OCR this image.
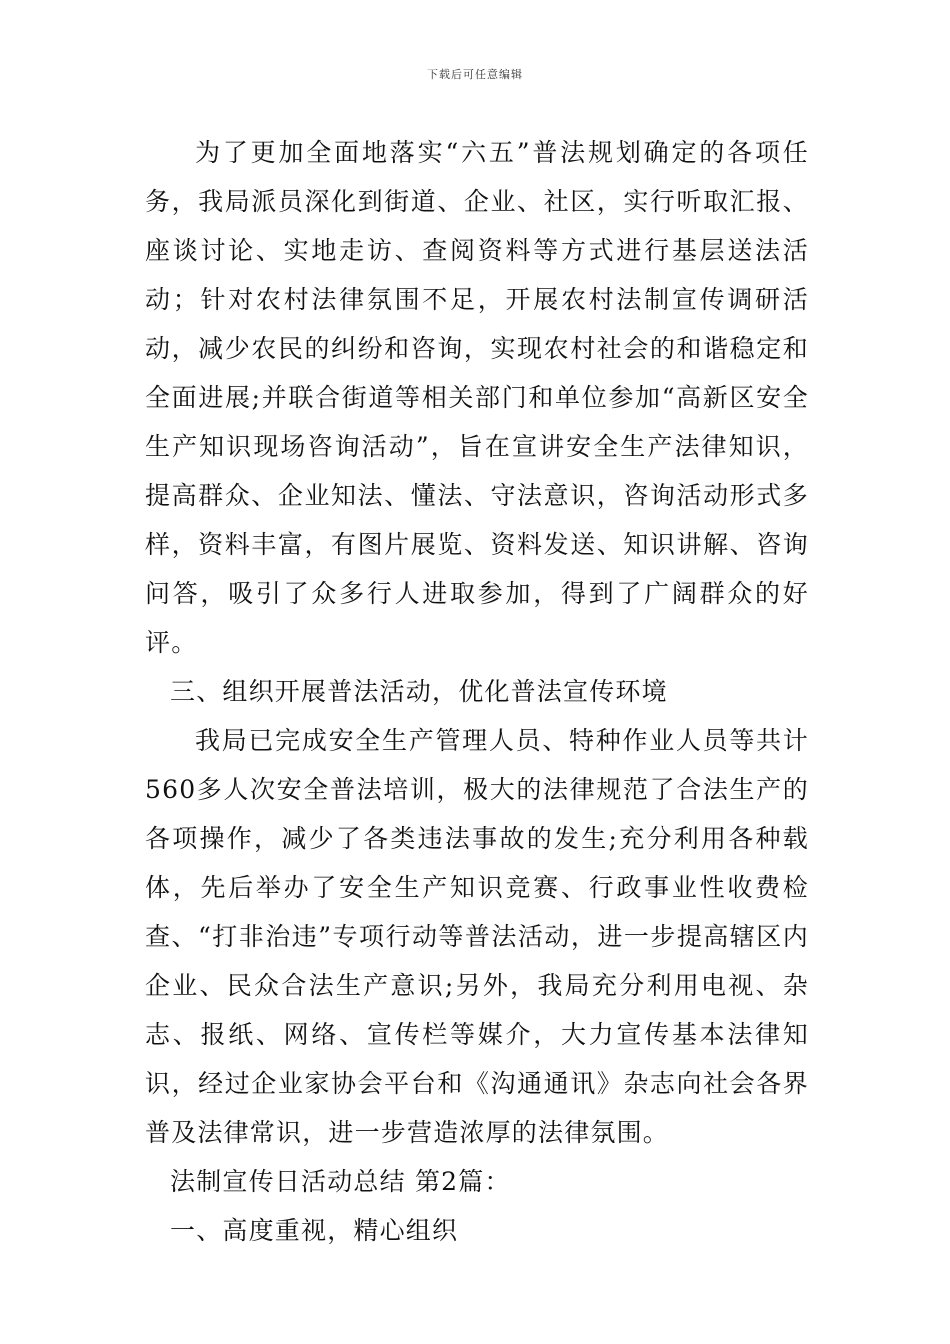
下载后可任意编辑

为了更加全面地落实“六五”普法规划确定的各项任务，我局派员深化到街道、企业、社区，实行听取汇报、座谈讨论、实地走访、查阅资料等方式进行基层送法活动；针对农村法律氛围不足，开展农村法制宣传调研活动，减少农民的纠纷和咨询，实现农村社会的和谐稳定和全面进展;并联合街道等相关部门和单位参加“高新区安全生产知识现场咨询活动”，旨在宣讲安全生产法律知识，提高群众、企业知法、懂法、守法意识，咨询活动形式多样，资料丰富，有图片展览、资料发送、知识讲解、咨询问答，吸引了众多行人进取参加，得到了广阔群众的好评。

三、组织开展普法活动，优化普法宣传环境

我局已完成安全生产管理人员、特种作业人员等共计560多人次安全普法培训，极大的法律规范了合法生产的各项操作，减少了各类违法事故的发生;充分利用各种载体，先后举办了安全生产知识竞赛、行政事业性收费检查、“打非治违”专项行动等普法活动，进一步提高辖区内企业、民众合法生产意识;另外，我局充分利用电视、杂志、报纸、网络、宣传栏等媒介，大力宣传基本法律知识，经过企业家协会平台和《沟通通讯》杂志向社会各界普及法律常识，进一步营造浓厚的法律氛围。

法制宣传日活动总结 第2篇：

一、高度重视，精心组织
